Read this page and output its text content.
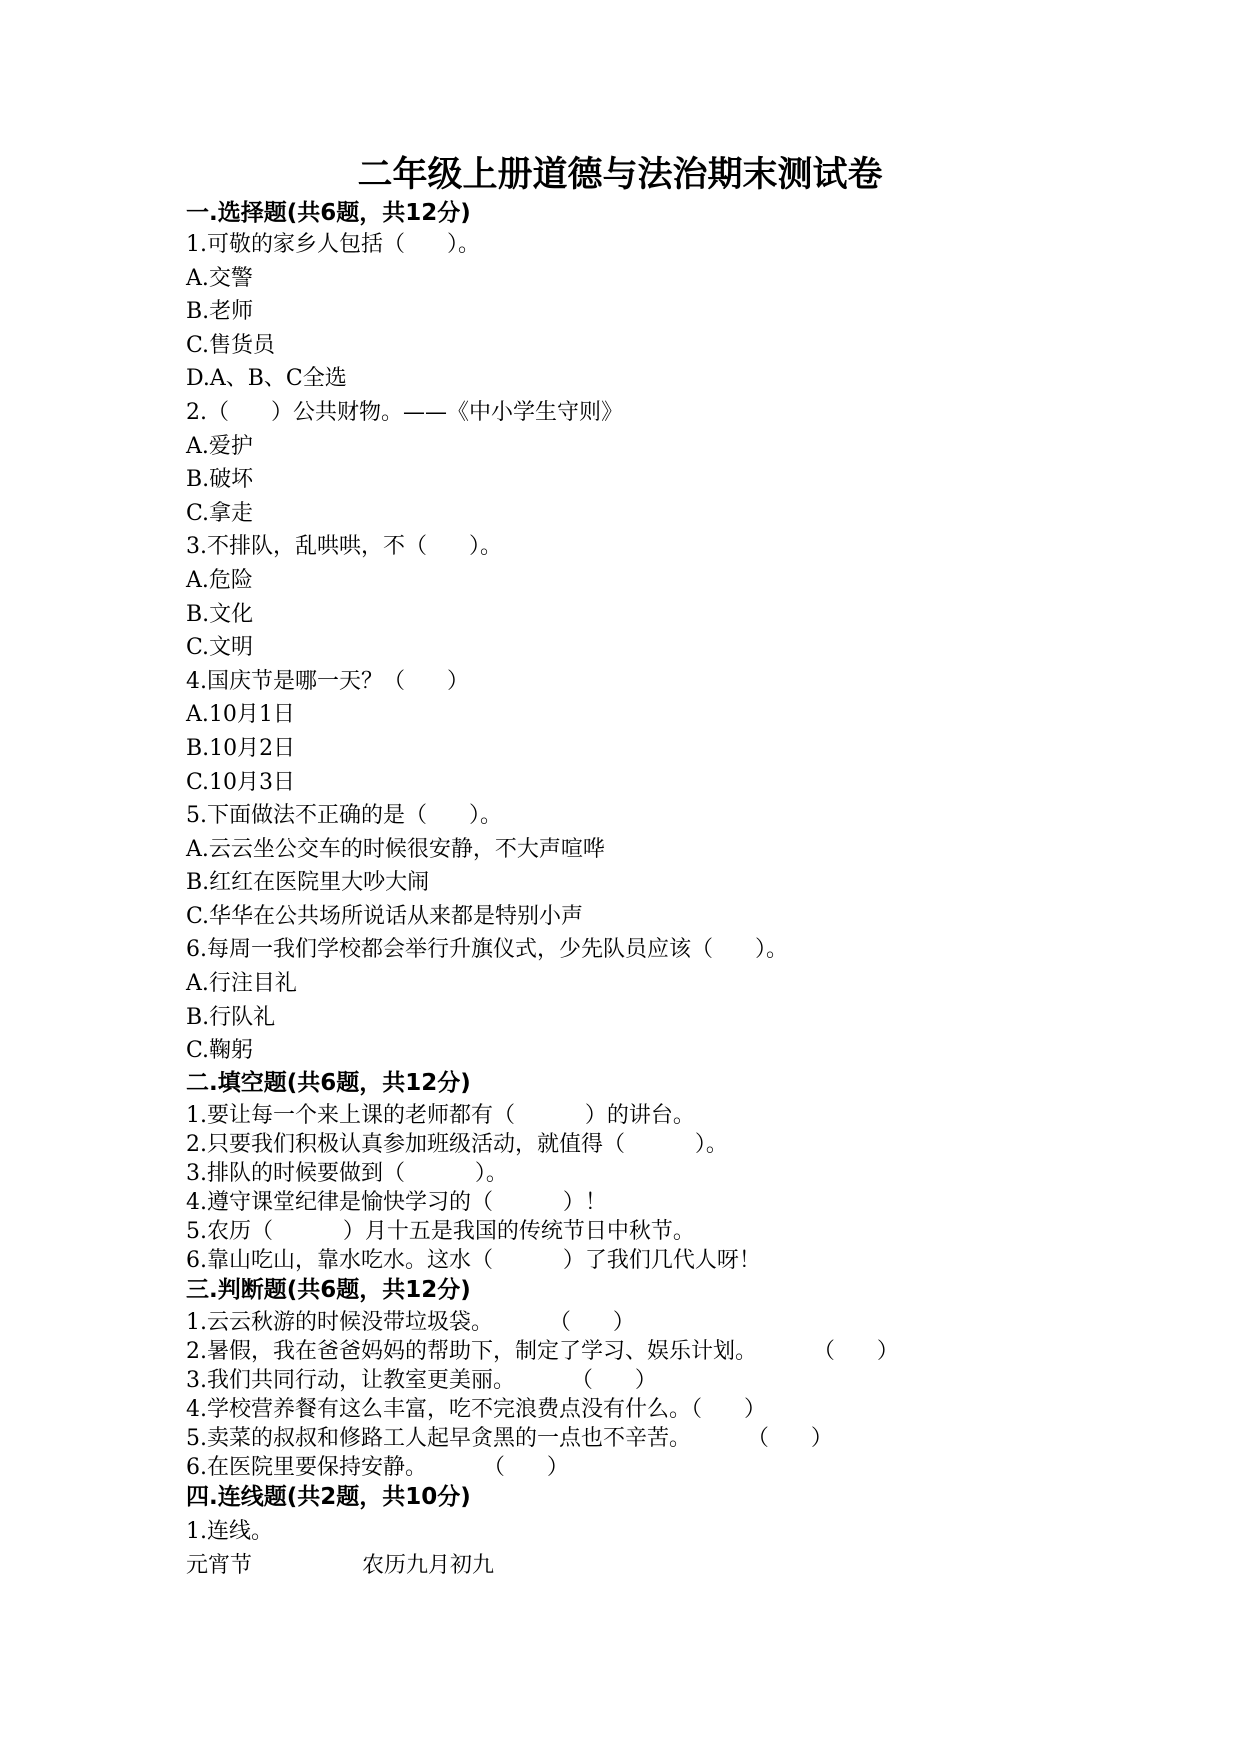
二年级上册道德与法治期末测试卷
一.选择题(共6题，共12分)
1.可敬的家乡人包括（      ）。
A.交警
B.老师
C.售货员
D.A、B、C全选
2.（      ）公共财物。——《中小学生守则》
A.爱护
B.破坏
C.拿走
3.不排队，乱哄哄，不（      ）。
A.危险
B.文化
C.文明
4.国庆节是哪一天？（      ）
A.10月1日
B.10月2日
C.10月3日
5.下面做法不正确的是（      ）。
A.云云坐公交车的时候很安静，不大声喧哗
B.红红在医院里大吵大闹
C.华华在公共场所说话从来都是特别小声
6.每周一我们学校都会举行升旗仪式，少先队员应该（      ）。
A.行注目礼
B.行队礼
C.鞠躬
二.填空题(共6题，共12分)
1.要让每一个来上课的老师都有（          ）的讲台。
2.只要我们积极认真参加班级活动，就值得（          ）。
3.排队的时候要做到（          ）。
4.遵守课堂纪律是愉快学习的（          ）！
5.农历（          ）月十五是我国的传统节日中秋节。
6.靠山吃山，靠水吃水。这水（          ）了我们几代人呀！
三.判断题(共6题，共12分)
1.云云秋游的时候没带垃圾袋。        （      ）
2.暑假，我在爸爸妈妈的帮助下，制定了学习、娱乐计划。        （      ）
3.我们共同行动，让教室更美丽。        （      ）
4.学校营养餐有这么丰富，吃不完浪费点没有什么。（      ）
5.卖菜的叔叔和修路工人起早贪黑的一点也不辛苦。        （      ）
6.在医院里要保持安静。        （      ）
四.连线题(共2题，共10分)
1.连线。
元宵节	农历九月初九
